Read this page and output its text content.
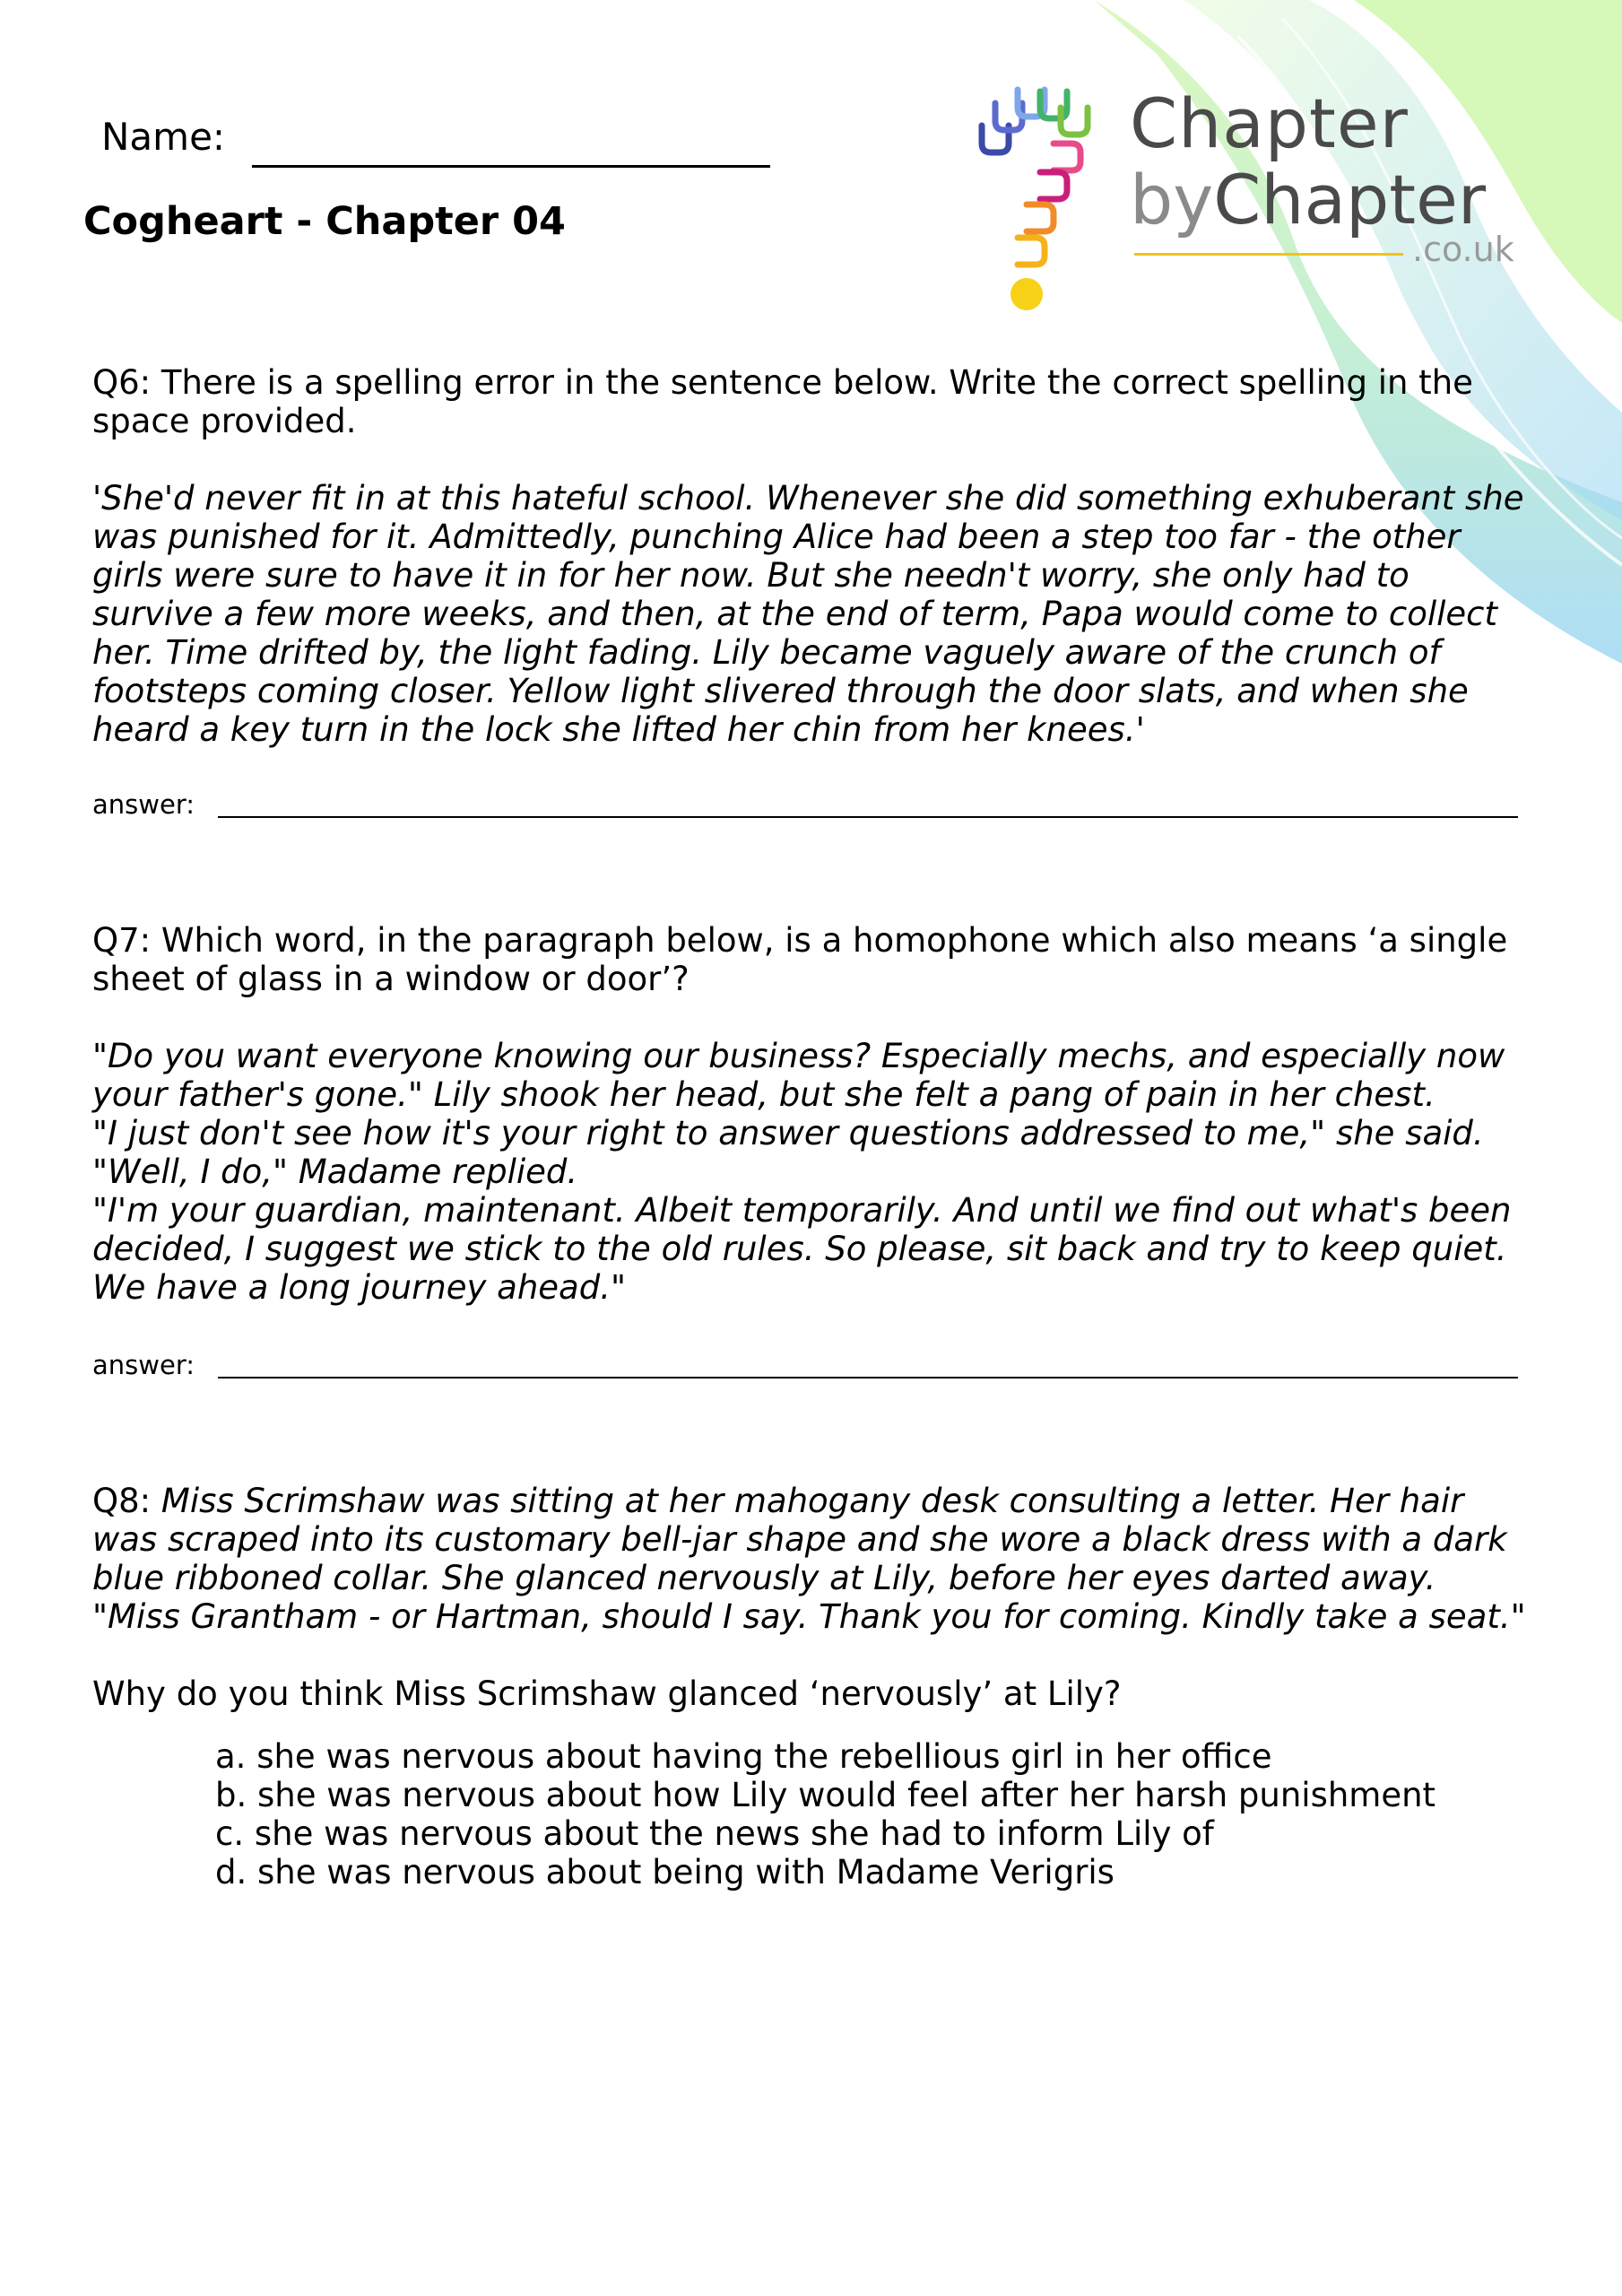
Name:
Cogheart - Chapter 04
Chapter
byChapter
.co.uk

Q6: There is a spelling error in the sentence below. Write the correct spelling in the space provided.

'She'd never fit in at this hateful school. Whenever she did something exhuberant she was punished for it. Admittedly, punching Alice had been a step too far - the other girls were sure to have it in for her now. But she needn't worry, she only had to survive a few more weeks, and then, at the end of term, Papa would come to collect her. Time drifted by, the light fading. Lily became vaguely aware of the crunch of footsteps coming closer. Yellow light slivered through the door slats, and when she heard a key turn in the lock she lifted her chin from her knees.'

answer:

Q7: Which word, in the paragraph below, is a homophone which also means ‘a single sheet of glass in a window or door’?

"Do you want everyone knowing our business? Especially mechs, and especially now your father's gone." Lily shook her head, but she felt a pang of pain in her chest.

"I just don't see how it's your right to answer questions addressed to me," she said.

"Well, I do," Madame replied.

"I'm your guardian, maintenant. Albeit temporarily. And until we find out what's been decided, I suggest we stick to the old rules. So please, sit back and try to keep quiet. We have a long journey ahead."

answer:

Q8: Miss Scrimshaw was sitting at her mahogany desk consulting a letter. Her hair was scraped into its customary bell-jar shape and she wore a black dress with a dark blue ribboned collar. She glanced nervously at Lily, before her eyes darted away.

"Miss Grantham - or Hartman, should I say. Thank you for coming. Kindly take a seat."

Why do you think Miss Scrimshaw glanced ‘nervously’ at Lily?

a. she was nervous about having the rebellious girl in her office
b. she was nervous about how Lily would feel after her harsh punishment
c. she was nervous about the news she had to inform Lily of
d. she was nervous about being with Madame Verigris
